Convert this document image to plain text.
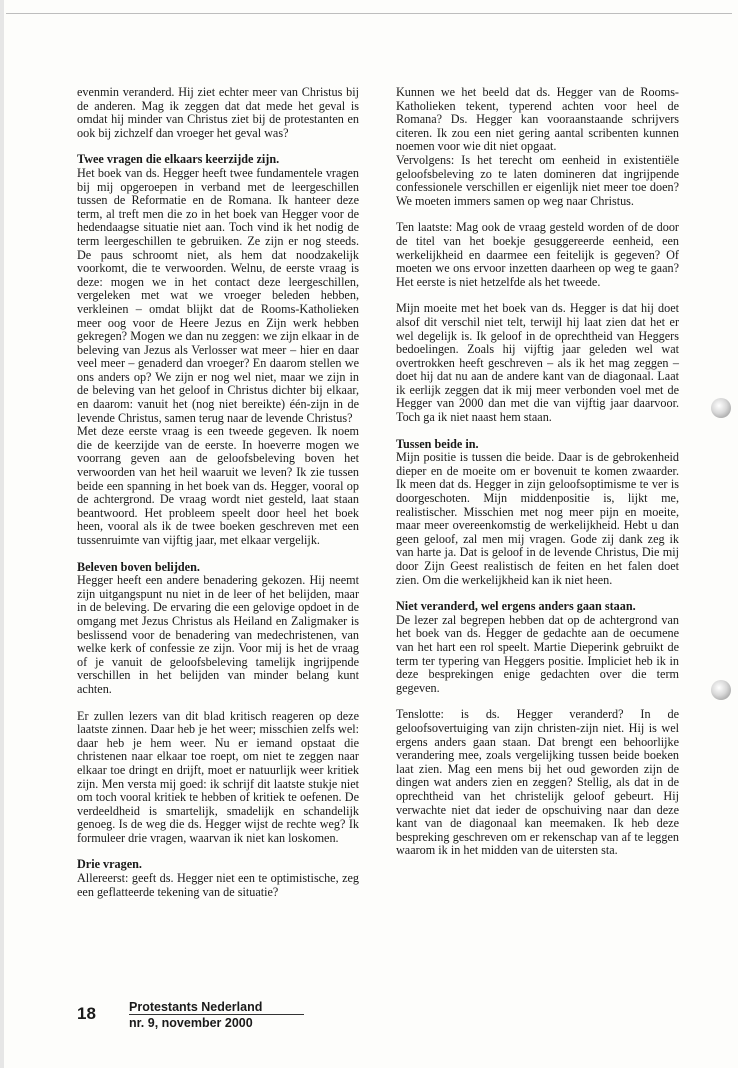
evenmin veranderd. Hij ziet echter meer van Christus bij de anderen. Mag ik zeggen dat dat mede het geval is omdat hij minder van Christus ziet bij de protestanten en ook bij zichzelf dan vroeger het geval was?

Twee vragen die elkaars keerzijde zijn.

Het boek van ds. Hegger heeft twee fundamentele vragen bij mij opgeroepen in verband met de leergeschillen tussen de Reformatie en de Romana. Ik hanteer deze term, al treft men die zo in het boek van Hegger voor de hedendaagse situatie niet aan. Toch vind ik het nodig de term leergeschillen te gebruiken. Ze zijn er nog steeds. De paus schroomt niet, als hem dat noodzakelijk voorkomt, die te verwoorden. Welnu, de eerste vraag is deze: mogen we in het contact deze leergeschillen, vergeleken met wat we vroeger beleden hebben, verkleinen – omdat blijkt dat de Rooms-Katholieken meer oog voor de Heere Jezus en Zijn werk hebben gekregen? Mogen we dan nu zeggen: we zijn elkaar in de beleving van Jezus als Verlosser wat meer – hier en daar veel meer – genaderd dan vroeger? En daarom stellen we ons anders op? We zijn er nog wel niet, maar we zijn in de beleving van het geloof in Christus dichter bij elkaar, en daarom: vanuit het (nog niet bereikte) één-zijn in de levende Christus, samen terug naar de levende Christus?

Met deze eerste vraag is een tweede gegeven. Ik noem die de keerzijde van de eerste. In hoeverre mogen we voorrang geven aan de geloofsbeleving boven het verwoorden van het heil waaruit we leven? Ik zie tussen beide een spanning in het boek van ds. Hegger, vooral op de achtergrond. De vraag wordt niet gesteld, laat staan beantwoord. Het probleem speelt door heel het boek heen, vooral als ik de twee boeken geschreven met een tussenruimte van vijftig jaar, met elkaar vergelijk.

Beleven boven belijden.

Hegger heeft een andere benadering gekozen. Hij neemt zijn uitgangspunt nu niet in de leer of het belijden, maar in de beleving. De ervaring die een gelovige opdoet in de omgang met Jezus Christus als Heiland en Zaligmaker is beslissend voor de benadering van medechristenen, van welke kerk of confessie ze zijn. Voor mij is het de vraag of je vanuit de geloofsbeleving tamelijk ingrijpende verschillen in het belijden van minder belang kunt achten.

Er zullen lezers van dit blad kritisch reageren op deze laatste zinnen. Daar heb je het weer; misschien zelfs wel: daar heb je hem weer. Nu er iemand opstaat die christenen naar elkaar toe roept, om niet te zeggen naar elkaar toe dringt en drijft, moet er natuurlijk weer kritiek zijn. Men versta mij goed: ik schrijf dit laatste stukje niet om toch vooral kritiek te hebben of kritiek te oefenen. De verdeeldheid is smartelijk, smadelijk en schandelijk genoeg. Is de weg die ds. Hegger wijst de rechte weg? Ik formuleer drie vragen, waarvan ik niet kan loskomen.

Drie vragen.

Allereerst: geeft ds. Hegger niet een te optimistische, zeg een geflatteerde tekening van de situatie?

Kunnen we het beeld dat ds. Hegger van de Rooms-Katholieken tekent, typerend achten voor heel de Romana? Ds. Hegger kan vooraanstaande schrijvers citeren. Ik zou een niet gering aantal scribenten kunnen noemen voor wie dit niet opgaat.

Vervolgens: Is het terecht om eenheid in existentiële geloofsbeleving zo te laten domineren dat ingrijpende confessionele verschillen er eigenlijk niet meer toe doen? We moeten immers samen op weg naar Christus.

Ten laatste: Mag ook de vraag gesteld worden of de door de titel van het boekje gesuggereerde eenheid, een werkelijkheid en daarmee een feitelijk is gegeven? Of moeten we ons ervoor inzetten daarheen op weg te gaan? Het eerste is niet hetzelfde als het tweede.

Mijn moeite met het boek van ds. Hegger is dat hij doet alsof dit verschil niet telt, terwijl hij laat zien dat het er wel degelijk is. Ik geloof in de oprechtheid van Heggers bedoelingen. Zoals hij vijftig jaar geleden wel wat overtrokken heeft geschreven – als ik het mag zeggen – doet hij dat nu aan de andere kant van de diagonaal. Laat ik eerlijk zeggen dat ik mij meer verbonden voel met de Hegger van 2000 dan met die van vijftig jaar daarvoor. Toch ga ik niet naast hem staan.

Tussen beide in.

Mijn positie is tussen die beide. Daar is de gebrokenheid dieper en de moeite om er bovenuit te komen zwaarder. Ik meen dat ds. Hegger in zijn geloofsoptimisme te ver is doorgeschoten. Mijn middenpositie is, lijkt me, realistischer. Misschien met nog meer pijn en moeite, maar meer overeenkomstig de werkelijkheid. Hebt u dan geen geloof, zal men mij vragen. Gode zij dank zeg ik van harte ja. Dat is geloof in de levende Christus, Die mij door Zijn Geest realistisch de feiten en het falen doet zien. Om die werkelijkheid kan ik niet heen.

Niet veranderd, wel ergens anders gaan staan.

De lezer zal begrepen hebben dat op de achtergrond van het boek van ds. Hegger de gedachte aan de oecumene van het hart een rol speelt. Martie Dieperink gebruikt de term ter typering van Heggers positie. Impliciet heb ik in deze besprekingen enige gedachten over die term gegeven.

Tenslotte: is ds. Hegger veranderd? In de geloofsovertuiging van zijn christen-zijn niet. Hij is wel ergens anders gaan staan. Dat brengt een behoorlijke verandering mee, zoals vergelijking tussen beide boeken laat zien. Mag een mens bij het oud geworden zijn de dingen wat anders zien en zeggen? Stellig, als dat in de oprechtheid van het christelijk geloof gebeurt. Hij verwachte niet dat ieder de opschuiving naar dan deze kant van de diagonaal kan meemaken. Ik heb deze bespreking geschreven om er rekenschap van af te leggen waarom ik in het midden van de uitersten sta.

18	Protestants Nederland
nr. 9, november 2000
